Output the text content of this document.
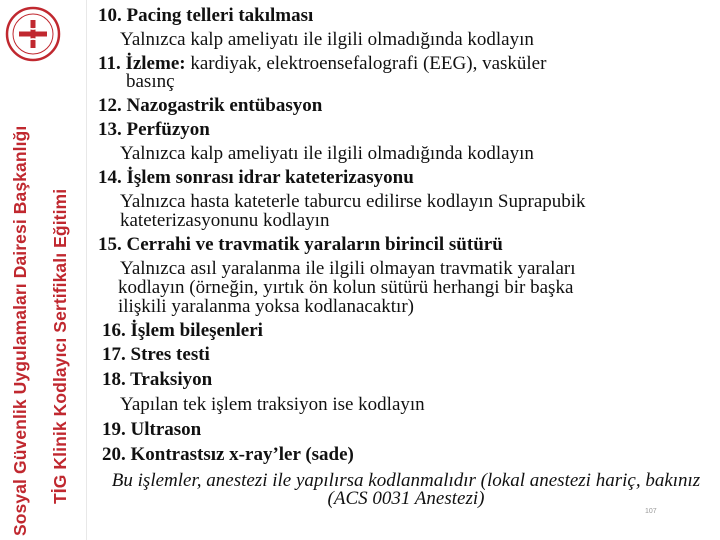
Sosyal Güvenlik Uygulamaları Dairesi Başkanlığı TİG Klinik Kodlayıcı Sertifikalı Eğitimi
10. Pacing telleri takılması
Yalnızca kalp ameliyatı ile ilgili olmadığında kodlayın
11. İzleme: kardiyak, elektroensefalografi (EEG), vasküler
basınç
12. Nazogastrik entübasyon
13. Perfüzyon
Yalnızca kalp ameliyatı ile ilgili olmadığında kodlayın
14. İşlem sonrası idrar kateterizasyonu
Yalnızca hasta kateterle taburcu edilirse kodlayın Suprapubik
kateterizasyonunu kodlayın
15. Cerrahi ve travmatik yaraların birincil sütürü
Yalnızca asıl yaralanma ile ilgili olmayan travmatik yaraları
kodlayın (örneğin, yırtık ön kolun sütürü herhangi bir başka
ilişkili yaralanma yoksa kodlanacaktır)
16. İşlem bileşenleri
17. Stres testi
18. Traksiyon
Yapılan tek işlem traksiyon ise kodlayın
19. Ultrason
20. Kontrastsız x-ray’ler (sade)
Bu işlemler, anestezi ile yapılırsa kodlanmalıdır (lokal anestezi hariç, bakınız (ACS 0031 Anestezi)
107
